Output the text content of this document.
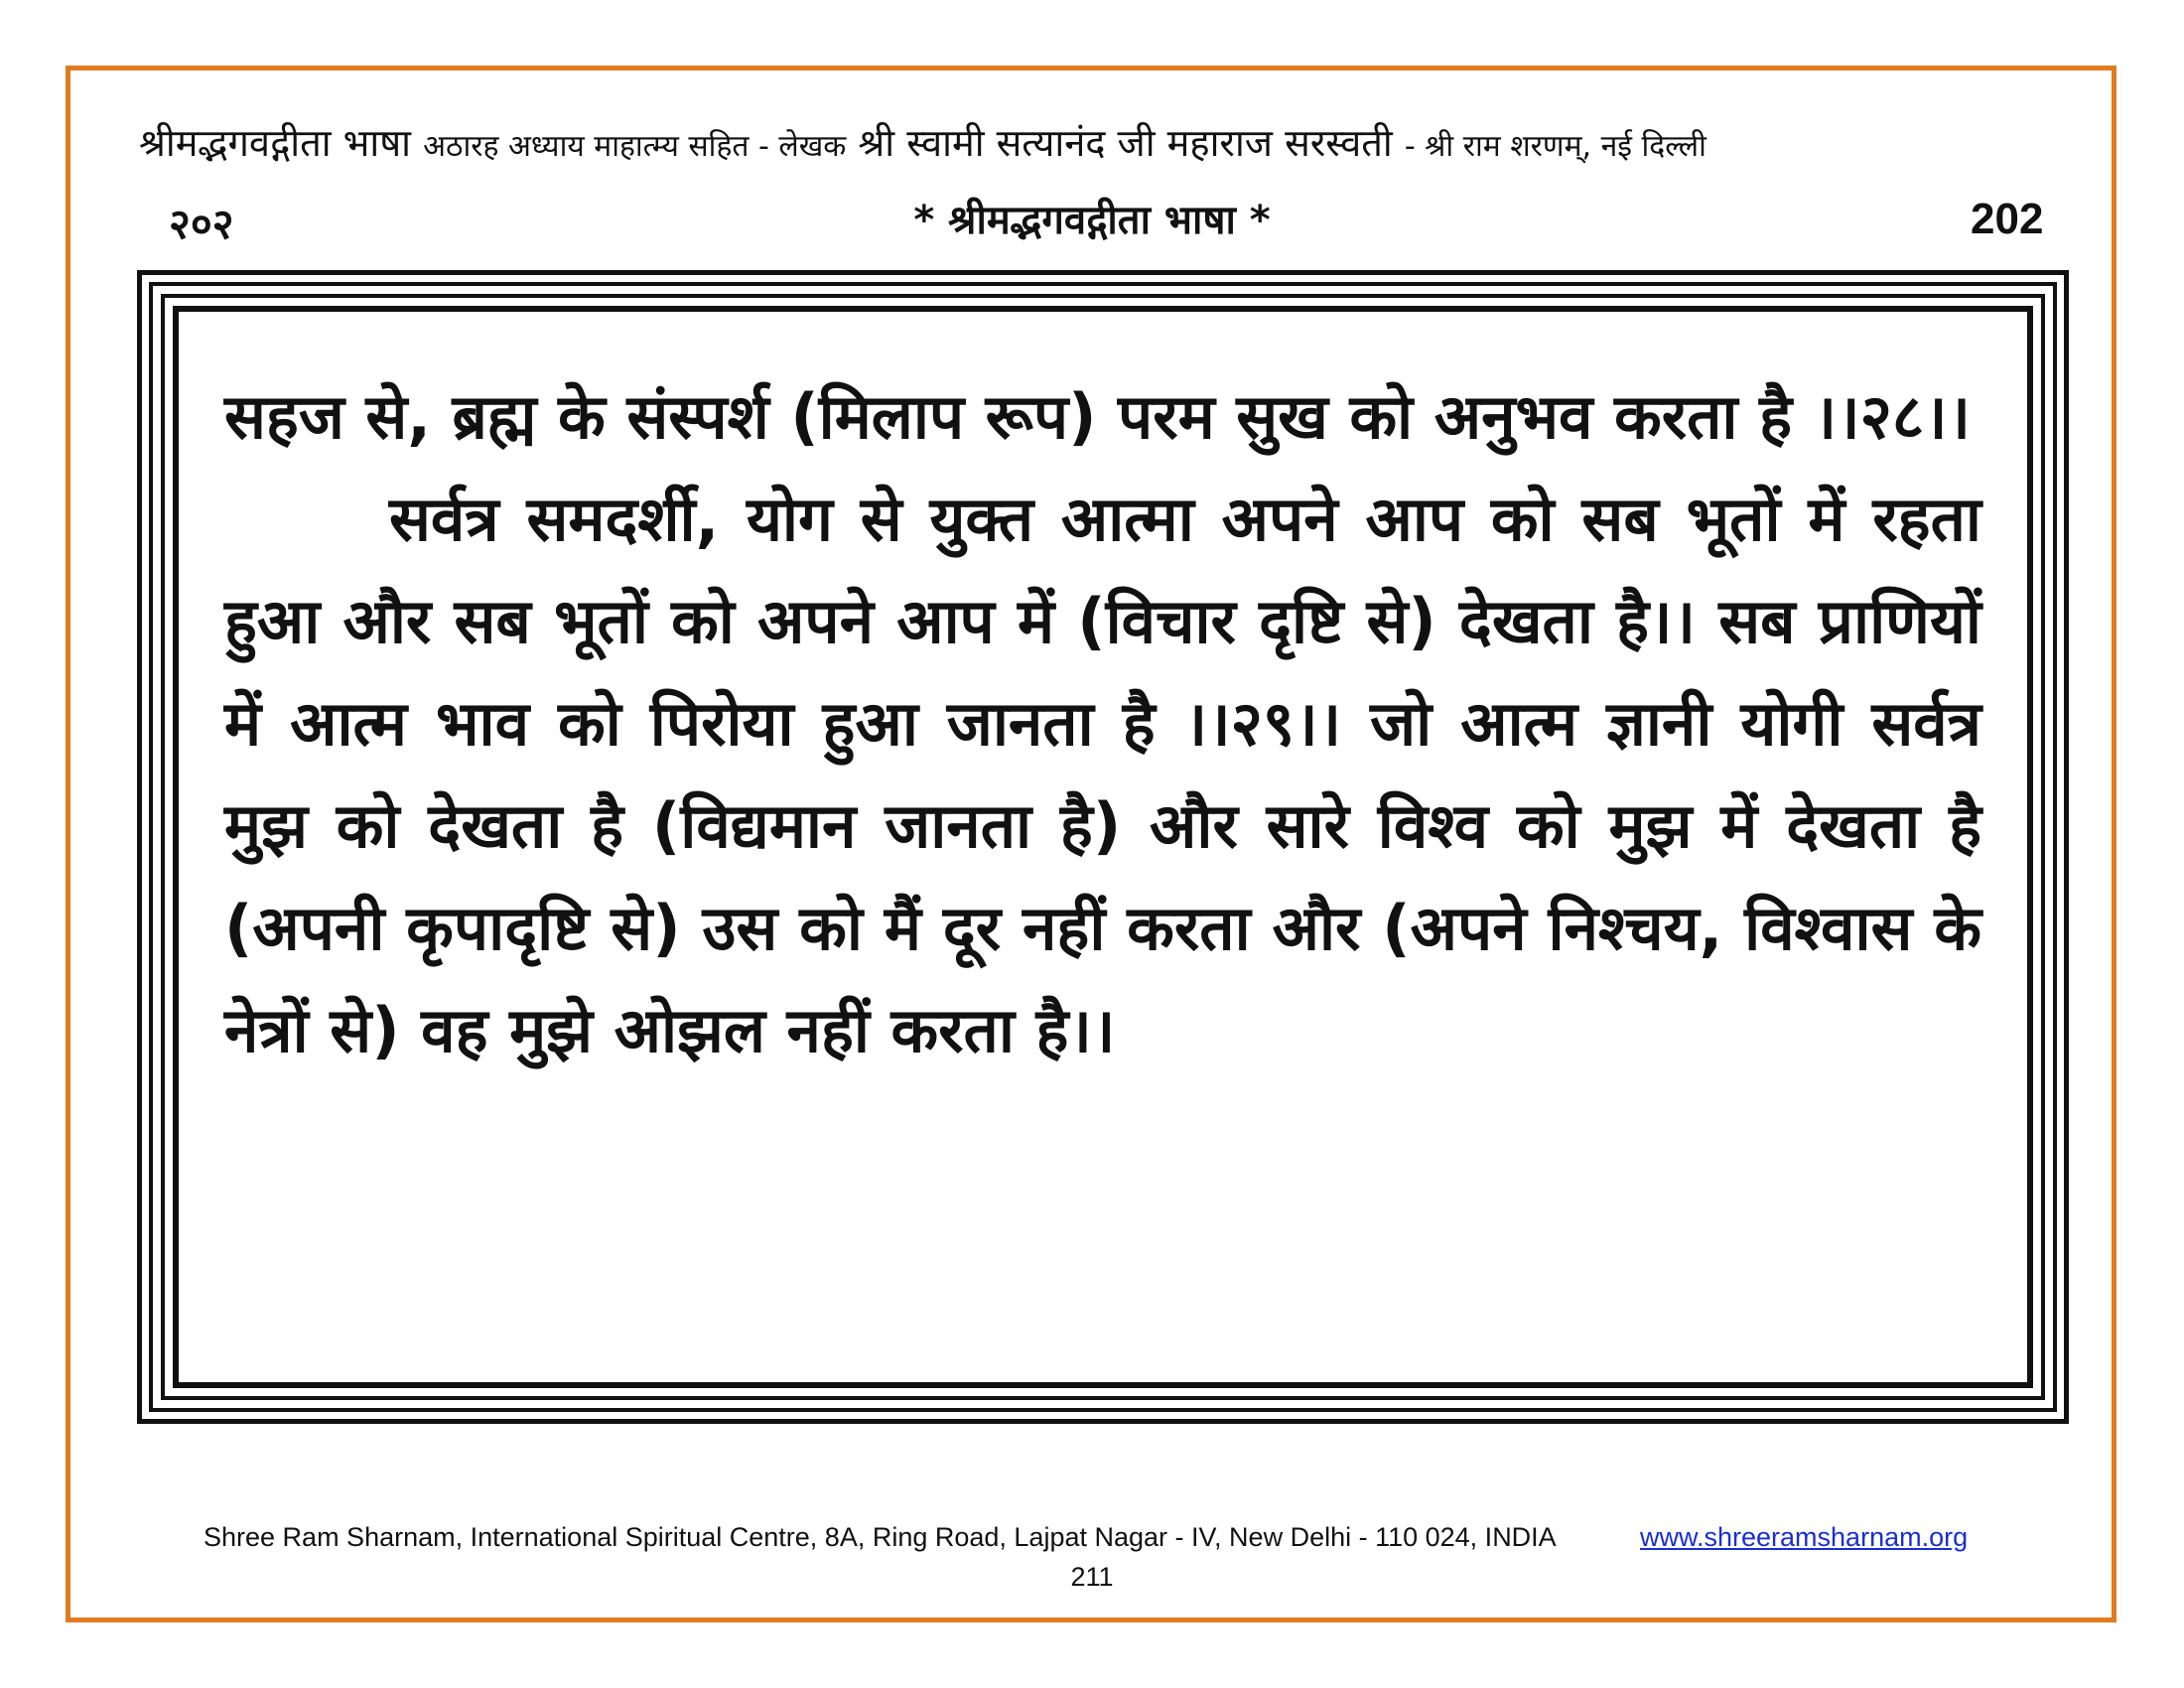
श्रीमद्भगवद्गीता भाषा अठारह अध्याय माहात्म्य सहित - लेखक श्री स्वामी सत्यानंद जी महाराज सरस्वती - श्री राम शरणम्, नई दिल्ली
२०२	* श्रीमद्भगवद्गीता भाषा *	202

सहज से, ब्रह्म के संस्पर्श (मिलाप रूप) परम सुख को अनुभव करता है ।।२८।।

सर्वत्र समदर्शी, योग से युक्त आत्मा अपने आप को सब भूतों में रहता हुआ और सब भूतों को अपने आप में (विचार दृष्टि से) देखता है।। सब प्राणियों में आत्म भाव को पिरोया हुआ जानता है ।।२९।। जो आत्म ज्ञानी योगी सर्वत्र मुझ को देखता है (विद्यमान जानता है) और सारे विश्व को मुझ में देखता है (अपनी कृपादृष्टि से) उस को मैं दूर नहीं करता और (अपने निश्चय, विश्वास के नेत्रों से) वह मुझे ओझल नहीं करता है।।

Shree Ram Sharnam, International Spiritual Centre, 8A, Ring Road, Lajpat Nagar - IV, New Delhi - 110 024, INDIA	www.shreeramsharnam.org
211
